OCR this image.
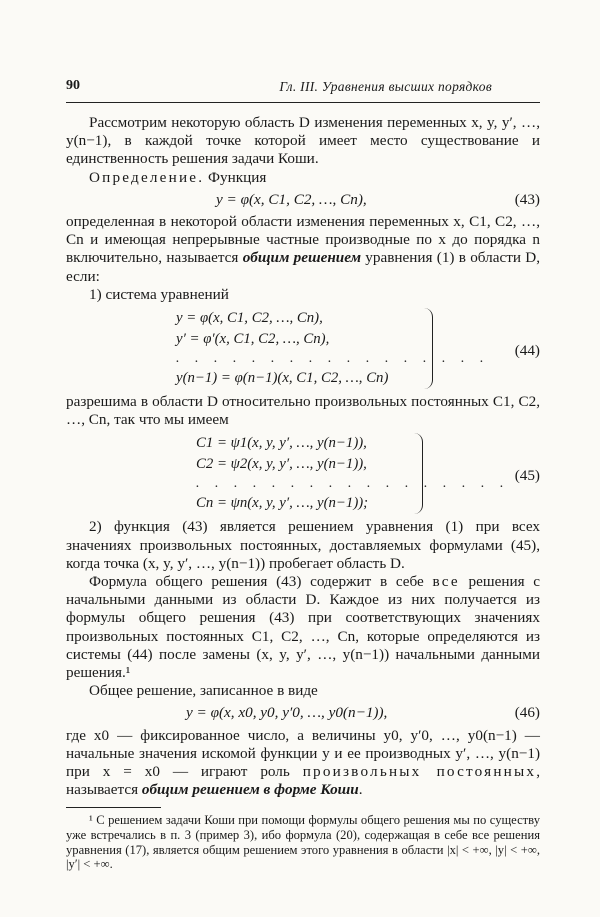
90	Гл. III. Уравнения высших порядков

Рассмотрим некоторую область D изменения переменных x, y, y′, …, y(n−1), в каждой точке которой имеет место существование и единственность решения задачи Коши.

Определение. Функция

y = φ(x, C1, C2, …, Cn),	(43)

определенная в некоторой области изменения переменных x, C1, C2, …, Cn и имеющая непрерывные частные производные по x до порядка n включительно, называется общим решением уравнения (1) в области D, если:

1) система уравнений

y = φ(x, C1, C2, …, Cn),
y′ = φ′(x, C1, C2, …, Cn),
. . . . . . . . . . . . . . . . .
y(n−1) = φ(n−1)(x, C1, C2, …, Cn)
(44)

разрешима в области D относительно произвольных постоянных C1, C2, …, Cn, так что мы имеем

C1 = ψ1(x, y, y′, …, y(n−1)),
C2 = ψ2(x, y, y′, …, y(n−1)),
. . . . . . . . . . . . . . . . .
Cn = ψn(x, y, y′, …, y(n−1));
(45)

2) функция (43) является решением уравнения (1) при всех значениях произвольных постоянных, доставляемых формулами (45), когда точка (x, y, y′, …, y(n−1)) пробегает область D.

Формула общего решения (43) содержит в себе все решения с начальными данными из области D. Каждое из них получается из формулы общего решения (43) при соответствующих значениях произвольных постоянных C1, C2, …, Cn, которые определяются из системы (44) после замены (x, y, y′, …, y(n−1)) начальными данными решения.¹

Общее решение, записанное в виде

y = φ(x, x0, y0, y′0, …, y0(n−1)),	(46)

где x0 — фиксированное число, а величины y0, y′0, …, y0(n−1) — начальные значения искомой функции y и ее производных y′, …, y(n−1) при x = x0 — играют роль произвольных постоянных, называется общим решением в форме Коши.

¹ С решением задачи Коши при помощи формулы общего решения мы по существу уже встречались в п. 3 (пример 3), ибо формула (20), содержащая в себе все решения уравнения (17), является общим решением этого уравнения в области |x| < +∞, |y| < +∞, |y′| < +∞.
